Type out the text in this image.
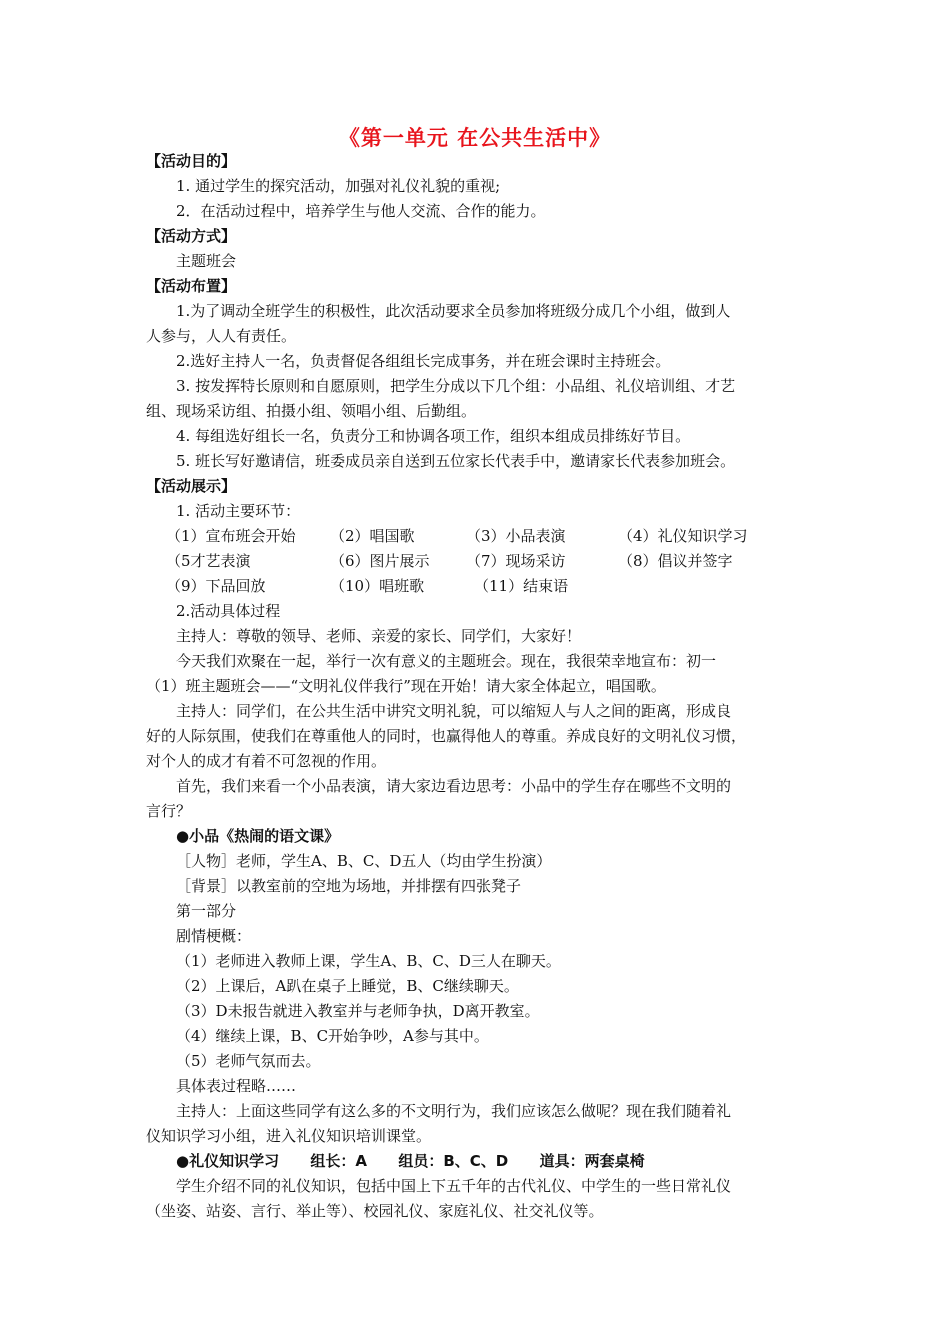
《第一单元 在公共生活中》
【活动目的】
1. 通过学生的探究活动，加强对礼仪礼貌的重视;
2．在活动过程中，培养学生与他人交流、合作的能力。
【活动方式】
主题班会
【活动布置】
1.为了调动全班学生的积极性，此次活动要求全员参加将班级分成几个小组，做到人
人参与，人人有责任。
2.选好主持人一名，负责督促各组组长完成事务，并在班会课时主持班会。
3. 按发挥特长原则和自愿原则，把学生分成以下几个组：小品组、礼仪培训组、才艺
组、现场采访组、拍摄小组、领唱小组、后勤组。
4. 每组选好组长一名，负责分工和协调各项工作，组织本组成员排练好节目。
5. 班长写好邀请信，班委成员亲自送到五位家长代表手中，邀请家长代表参加班会。
【活动展示】
1. 活动主要环节：
（1）宣布班会开始 （2）唱国歌	（3）小品表演	（4）礼仪知识学习
（5才艺表演	（6）图片展示 （7）现场采访	（8）倡议并签字
（9）下品回放	（10）唱班歌	（11）结束语
2.活动具体过程
主持人：尊敬的领导、老师、亲爱的家长、同学们，大家好！
今天我们欢聚在一起，举行一次有意义的主题班会。现在，我很荣幸地宣布：初一
（1）班主题班会——“文明礼仪伴我行”现在开始！请大家全体起立，唱国歌。
主持人：同学们，在公共生活中讲究文明礼貌，可以缩短人与人之间的距离，形成良
好的人际氛围，使我们在尊重他人的同时，也赢得他人的尊重。养成良好的文明礼仪习惯，
对个人的成才有着不可忽视的作用。
首先，我们来看一个小品表演，请大家边看边思考：小品中的学生存在哪些不文明的
言行？
●小品《热闹的语文课》
［人物］老师，学生A、B、C、D五人（均由学生扮演）
［背景］以教室前的空地为场地，并排摆有四张凳子
第一部分
剧情梗概：
（1）老师进入教师上课，学生A、B、C、D三人在聊天。
（2）上课后，A趴在桌子上睡觉，B、C继续聊天。
（3）D未报告就进入教室并与老师争执，D离开教室。
（4）继续上课，B、C开始争吵，A参与其中。
（5）老师气氛而去。
具体表过程略……
主持人：上面这些同学有这么多的不文明行为，我们应该怎么做呢？现在我们随着礼
仪知识学习小组，进入礼仪知识培训课堂。
●礼仪知识学习      组长：A      组员：B、C、D      道具：两套桌椅
学生介绍不同的礼仪知识，包括中国上下五千年的古代礼仪、中学生的一些日常礼仪
（坐姿、站姿、言行、举止等）、校园礼仪、家庭礼仪、社交礼仪等。
